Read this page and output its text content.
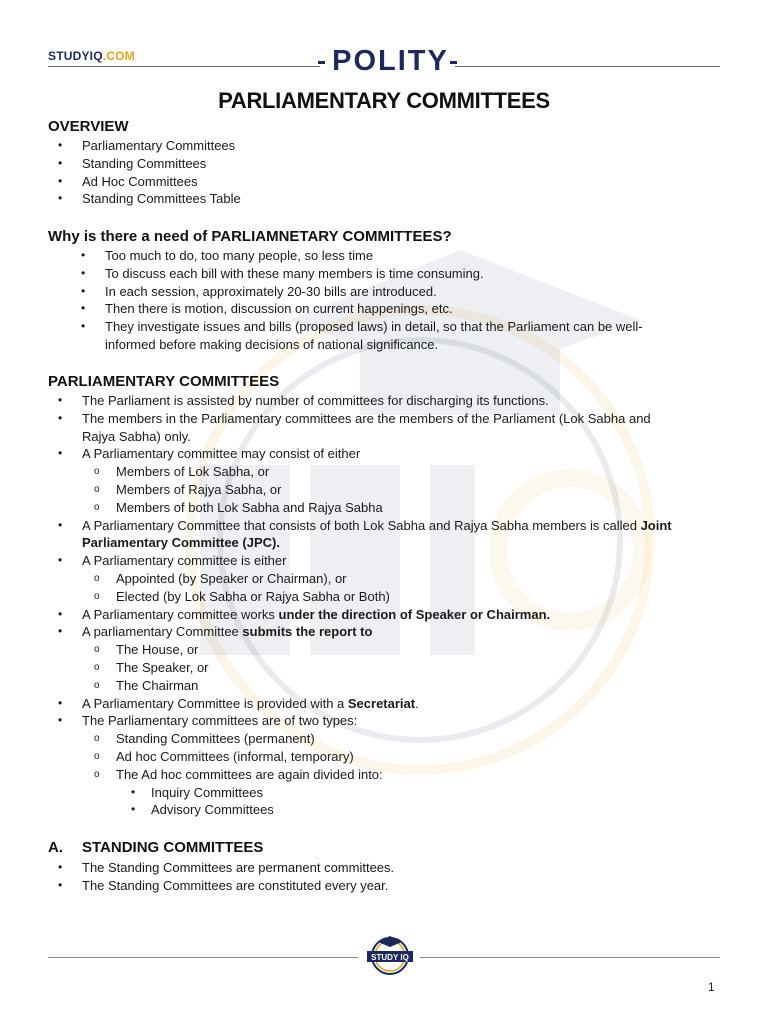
STUDYIQ.COM	POLITY
PARLIAMENTARY COMMITTEES
OVERVIEW
• Parliamentary Committees
• Standing Committees
• Ad Hoc Committees
• Standing Committees Table
Why is there a need of PARLIAMNETARY COMMITTEES?
• Too much to do, too many people, so less time
• To discuss each bill with these many members is time consuming.
• In each session, approximately 20-30 bills are introduced.
• Then there is motion, discussion on current happenings, etc.
• They investigate issues and bills (proposed laws) in detail, so that the Parliament can be well-
informed before making decisions of national significance.
PARLIAMENTARY COMMITTEES
• The Parliament is assisted by number of committees for discharging its functions.
• The members in the Parliamentary committees are the members of the Parliament (Lok Sabha and
Rajya Sabha) only.
• A Parliamentary committee may consist of either
o Members of Lok Sabha, or
o Members of Rajya Sabha, or
o Members of both Lok Sabha and Rajya Sabha
• A Parliamentary Committee that consists of both Lok Sabha and Rajya Sabha members is called Joint
Parliamentary Committee (JPC).
• A Parliamentary committee is either
o Appointed (by Speaker or Chairman), or
o Elected (by Lok Sabha or Rajya Sabha or Both)
• A Parliamentary committee works under the direction of Speaker or Chairman.
• A parliamentary Committee submits the report to
o The House, or
o The Speaker, or
o The Chairman
• A Parliamentary Committee is provided with a Secretariat.
• The Parliamentary committees are of two types:
o Standing Committees (permanent)
o Ad hoc Committees (informal, temporary)
o The Ad hoc committees are again divided into:
• Inquiry Committees
• Advisory Committees
A. STANDING COMMITTEES
• The Standing Committees are permanent committees.
• The Standing Committees are constituted every year.
STUDY IQ
1
